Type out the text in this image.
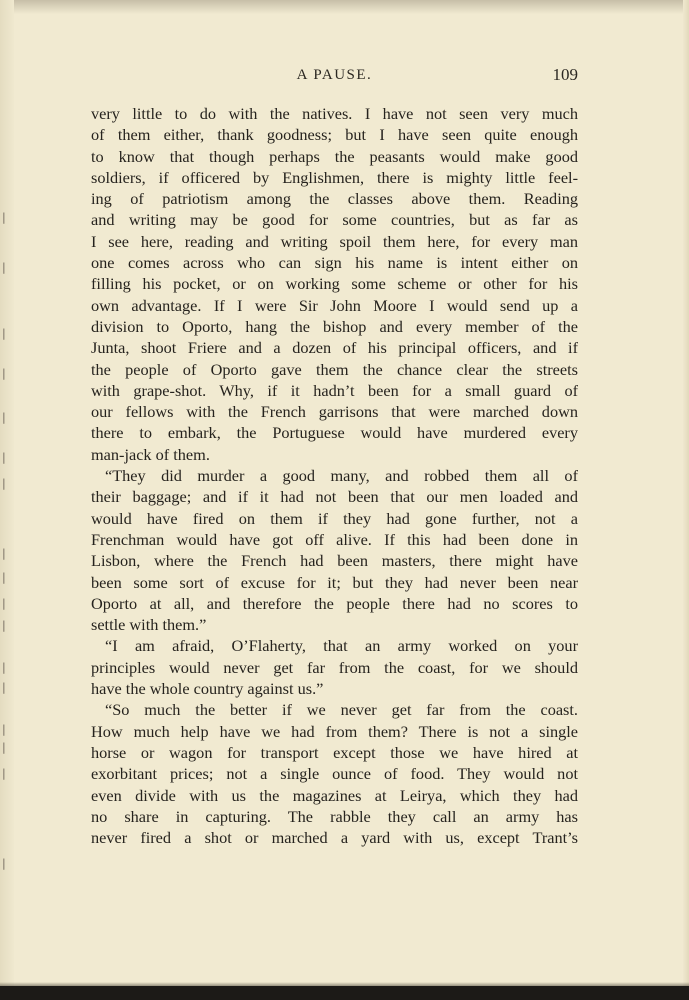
|
|
|
|
|
|
|
|
|
|
|
|
|
|
|
|
|
A PAUSE.	109
very little to do with the natives. I have not seen very much
of them either, thank goodness; but I have seen quite enough
to know that though perhaps the peasants would make good
soldiers, if officered by Englishmen, there is mighty little feel-
ing of patriotism among the classes above them. Reading
and writing may be good for some countries, but as far as
I see here, reading and writing spoil them here, for every man
one comes across who can sign his name is intent either on
filling his pocket, or on working some scheme or other for his
own advantage. If I were Sir John Moore I would send up a
division to Oporto, hang the bishop and every member of the
Junta, shoot Friere and a dozen of his principal officers, and if
the people of Oporto gave them the chance clear the streets
with grape-shot. Why, if it hadn’t been for a small guard of
our fellows with the French garrisons that were marched down
there to embark, the Portuguese would have murdered every
man-jack of them.
“They did murder a good many, and robbed them all of
their baggage; and if it had not been that our men loaded and
would have fired on them if they had gone further, not a
Frenchman would have got off alive. If this had been done in
Lisbon, where the French had been masters, there might have
been some sort of excuse for it; but they had never been near
Oporto at all, and therefore the people there had no scores to
settle with them.”
“I am afraid, O’Flaherty, that an army worked on your
principles would never get far from the coast, for we should
have the whole country against us.”
“So much the better if we never get far from the coast.
How much help have we had from them? There is not a single
horse or wagon for transport except those we have hired at
exorbitant prices; not a single ounce of food. They would not
even divide with us the magazines at Leirya, which they had
no share in capturing. The rabble they call an army has
never fired a shot or marched a yard with us, except Trant’s
